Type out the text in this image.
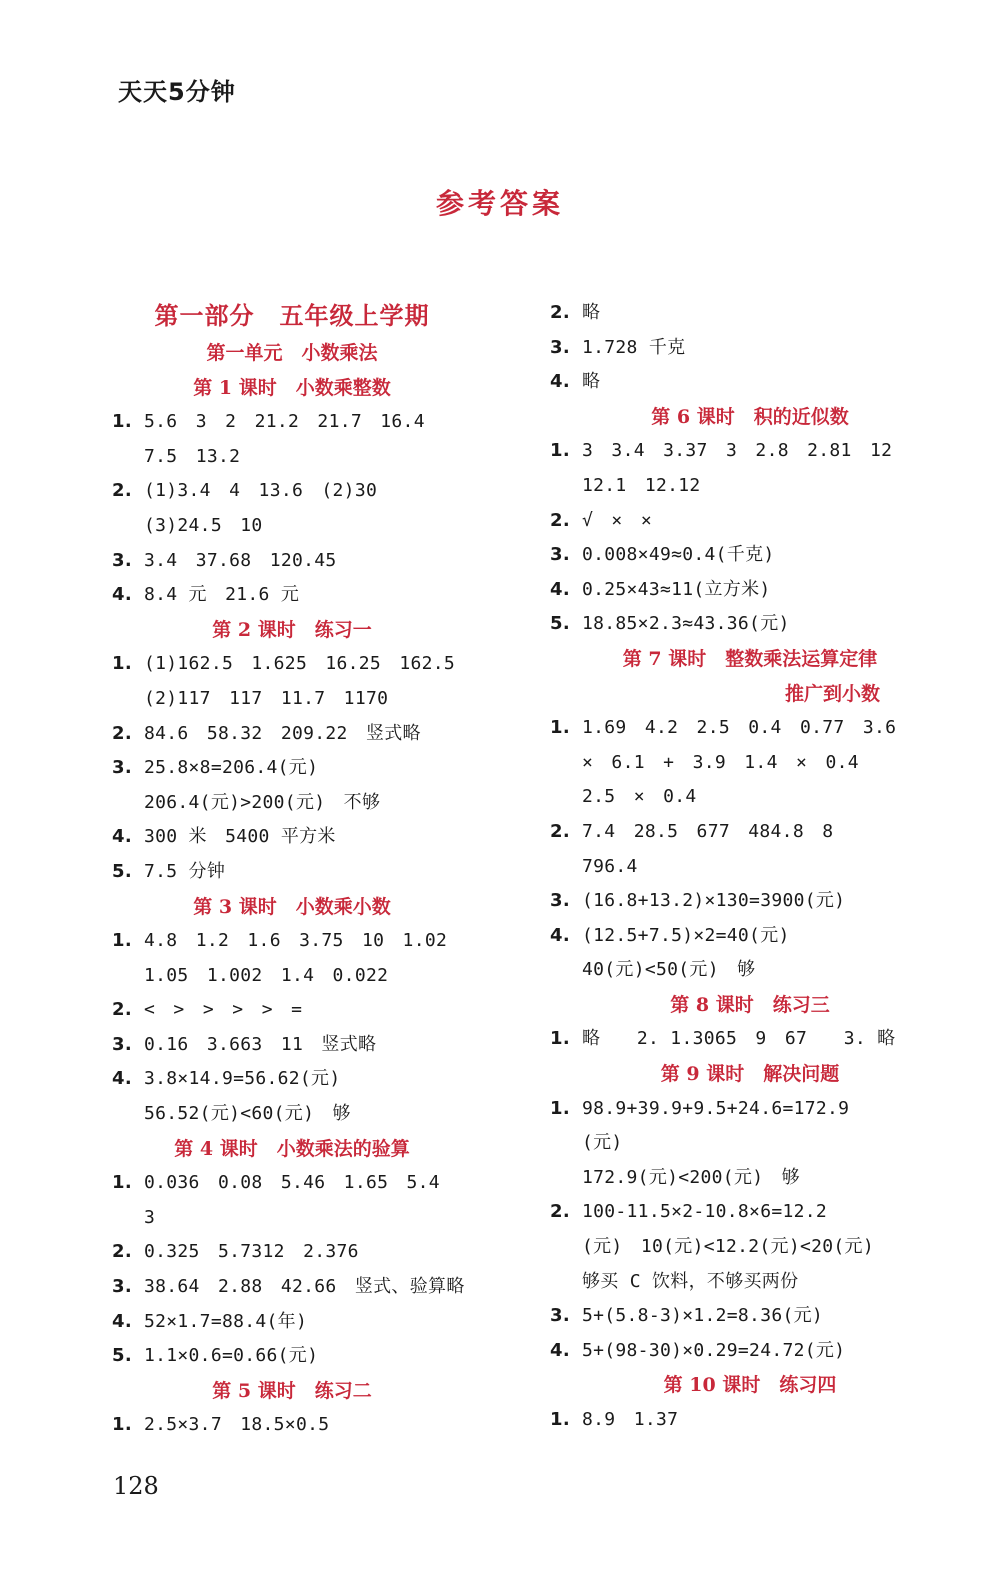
天天5分钟
参考答案
第一部分　五年级上学期
第一单元　小数乘法
第 1 课时　小数乘整数
1. 5.6　3　2　21.2　21.7　16.4
7.5　13.2
2. (1)3.4　4　13.6　(2)30
(3)24.5　10
3. 3.4　37.68　120.45
4. 8.4 元　21.6 元
第 2 课时　练习一
1. (1)162.5　1.625　16.25　162.5
(2)117　117　11.7　1170
2. 84.6　58.32　209.22　竖式略
3. 25.8×8=206.4(元)
206.4(元)>200(元)　不够
4. 300 米　5400 平方米
5. 7.5 分钟
第 3 课时　小数乘小数
1. 4.8　1.2　1.6　3.75　10　1.02
1.05　1.002　1.4　0.022
2. <　>　>　>　>　=
3. 0.16　3.663　11　竖式略
4. 3.8×14.9=56.62(元)
56.52(元)<60(元)　够
第 4 课时　小数乘法的验算
1. 0.036　0.08　5.46　1.65　5.4
3
2. 0.325　5.7312　2.376
3. 38.64　2.88　42.66　竖式、验算略
4. 52×1.7=88.4(年)
5. 1.1×0.6=0.66(元)
第 5 课时　练习二
1. 2.5×3.7　18.5×0.5
2. 略
3. 1.728 千克
4. 略
第 6 课时　积的近似数
1. 3　3.4　3.37　3　2.8　2.81　12
12.1　12.12
2. √　×　×
3. 0.008×49≈0.4(千克)
4. 0.25×43≈11(立方米)
5. 18.85×2.3≈43.36(元)
第 7 课时　整数乘法运算定律
推广到小数
1. 1.69　4.2　2.5　0.4　0.77　3.6
×　6.1　+　3.9　1.4　×　0.4
2.5　×　0.4
2. 7.4　28.5　677　484.8　8
796.4
3. (16.8+13.2)×130=3900(元)
4. (12.5+7.5)×2=40(元)
40(元)<50(元)　够
第 8 课时　练习三
1. 略　　2. 1.3065　9　67　　3. 略
第 9 课时　解决问题
1. 98.9+39.9+9.5+24.6=172.9
(元)
172.9(元)<200(元)　够
2. 100-11.5×2-10.8×6=12.2
(元)　10(元)<12.2(元)<20(元)
够买 C 饮料，不够买两份
3. 5+(5.8-3)×1.2=8.36(元)
4. 5+(98-30)×0.29=24.72(元)
第 10 课时　练习四
1. 8.9　1.37
128
